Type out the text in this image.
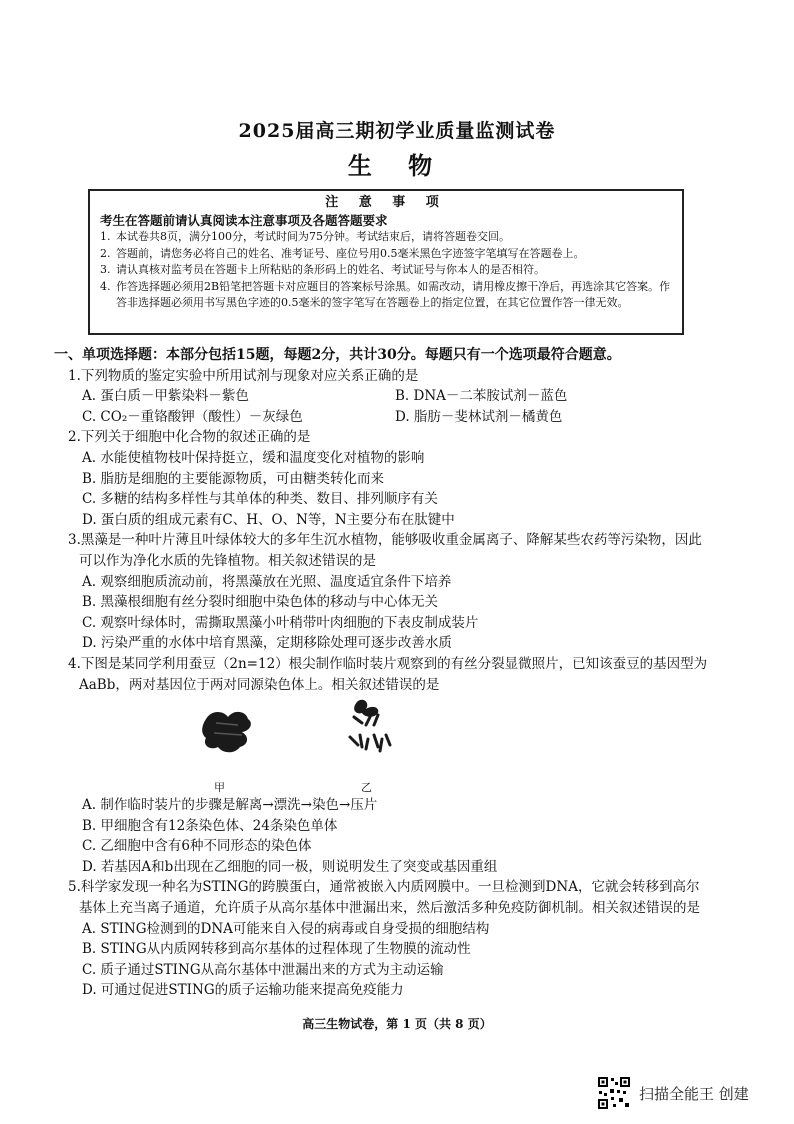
2025届高三期初学业质量监测试卷
生 物
注 意 事 项
考生在答题前请认真阅读本注意事项及各题答题要求
1. 本试卷共8页，满分100分，考试时间为75分钟。考试结束后，请将答题卷交回。
2. 答题前，请您务必将自己的姓名、准考证号、座位号用0.5毫米黑色字迹签字笔填写在答题卷上。
3. 请认真核对监考员在答题卡上所粘贴的条形码上的姓名、考试证号与你本人的是否相符。
4. 作答选择题必须用2B铅笔把答题卡对应题目的答案标号涂黑。如需改动，请用橡皮擦干净后，再选涂其它答案。作答非选择题必须用书写黑色字迹的0.5毫米的签字笔写在答题卷上的指定位置，在其它位置作答一律无效。
一、单项选择题：本部分包括15题，每题2分，共计30分。每题只有一个选项最符合题意。
1.下列物质的鉴定实验中所用试剂与现象对应关系正确的是
A. 蛋白质－甲紫染料－紫色	B. DNA－二苯胺试剂－蓝色
C. CO₂－重铬酸钾（酸性）－灰绿色	D. 脂肪－斐林试剂－橘黄色
2.下列关于细胞中化合物的叙述正确的是
A. 水能使植物枝叶保持挺立，缓和温度变化对植物的影响
B. 脂肪是细胞的主要能源物质，可由糖类转化而来
C. 多糖的结构多样性与其单体的种类、数目、排列顺序有关
D. 蛋白质的组成元素有C、H、O、N等，N主要分布在肽键中
3.黑藻是一种叶片薄且叶绿体较大的多年生沉水植物，能够吸收重金属离子、降解某些农药等污染物，因此可以作为净化水质的先锋植物。相关叙述错误的是
A. 观察细胞质流动前，将黑藻放在光照、温度适宜条件下培养
B. 黑藻根细胞有丝分裂时细胞中染色体的移动与中心体无关
C. 观察叶绿体时，需撕取黑藻小叶稍带叶肉细胞的下表皮制成装片
D. 污染严重的水体中培育黑藻，定期移除处理可逐步改善水质
4.下图是某同学利用蚕豆（2n=12）根尖制作临时装片观察到的有丝分裂显微照片，已知该蚕豆的基因型为AaBb，两对基因位于两对同源染色体上。相关叙述错误的是
甲	乙
A. 制作临时装片的步骤是解离→漂洗→染色→压片
B. 甲细胞含有12条染色体、24条染色单体
C. 乙细胞中含有6种不同形态的染色体
D. 若基因A和b出现在乙细胞的同一极，则说明发生了突变或基因重组
5.科学家发现一种名为STING的跨膜蛋白，通常被嵌入内质网膜中。一旦检测到DNA，它就会转移到高尔基体上充当离子通道，允许质子从高尔基体中泄漏出来，然后激活多种免疫防御机制。相关叙述错误的是
A. STING检测到的DNA可能来自入侵的病毒或自身受损的细胞结构
B. STING从内质网转移到高尔基体的过程体现了生物膜的流动性
C. 质子通过STING从高尔基体中泄漏出来的方式为主动运输
D. 可通过促进STING的质子运输功能来提高免疫能力
高三生物试卷，第 1 页（共 8 页）
扫描全能王 创建
